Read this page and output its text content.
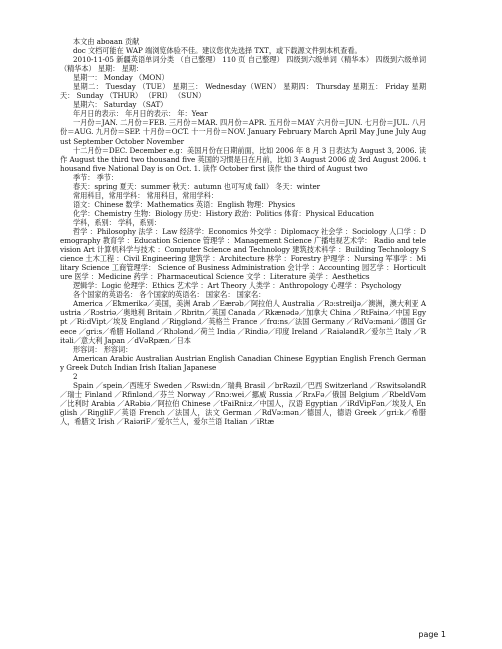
本文由 aboaan 贡献

doc 文档可能在 WAP 端浏览体验不佳。建议您优先选择 TXT，或下载源文件到本机查看。

2010-11-05 新疆英语单词分类 （自己整理） 110 页 自己整理） 四级到六级单词（精华本） 四级到六级单词（精华本） 星期： 星期：

星期一： Monday （MON）

星期二： Tuesday （TUE） 星期三： Wednesday（WEN） 星期四： Thursday 星期五： Friday 星期天： Sunday （THUR） （FRI） （SUN）

星期六： Saturday （SAT）

年月日的表示： 年月日的表示： 年：Year

一月份＝JAN. 二月份＝FEB. 三月份＝MAR. 四月份＝APR. 五月份＝MAY 六月份＝JUN. 七月份＝JUL. 八月份＝AUG. 九月份＝SEP. 十月份＝OCT. 十一月份＝NOV. January February March April May June July August September October November

十二月份＝DEC. December e.g：美国月份在日期前面，比如 2006 年 8 月 3 日表达为 August 3, 2006. 读作 August the third two thousand five 英国的习惯是日在月前，比如 3 August 2006 或 3rd August 2006. thousand five National Day is on Oct. 1. 读作 October first 读作 the third of August two

季节： 季节：

春天：spring 夏天：summer 秋天：autumn 也可写成 fall） 冬天：winter

常用科目，常用学科： 常用科目，常用学科：

语文：Chinese 数学：Mathematics 英语：English 物理：Physics

化学：Chemistry 生物：Biology 历史：History 政治：Politics 体育：Physical Education

学科，系别： 学科，系别：

哲学 ：Philosophy 法学 ：Law 经济学：Economics 外交学 ：Diplomacy 社会学 ：Sociology 人口学 ：Demography 教育学 ：Education Science 管理学 ：Management Science 广播电视艺术学： Radio and television Art 计算机科学与技术 ：Computer Science and Technology 建筑技术科学 ：Building Technology Science 土木工程 ：Civil Engineering 建筑学 ：Architecture 林学 ：Forestry 护理学 ：Nursing 军事学 ：Military Science 工商管理学： Science of Business Administration 会计学 ：Accounting 园艺学 ：Horticulture 医学 ：Medicine 药学 ：Pharmaceutical Science 文学 ：Literature 美学 ：Aesthetics

逻辑学：Logic 伦理学：Ethics 艺术学 ：Art Theory 人类学 ：Anthropology 心理学 ：Psychology

各个国家的英语名： 各个国家的英语名： 国家名： 国家名：

America ／Eҟmerikә／美国，美洲 Arab ／Eærәb／阿拉伯人 Australia ／Rɔ:streiljә／澳洲，澳大利亚 Austria ／Rɔstriә／奥地利 Britain ／Rbritn／英国 Canada ／Rkænәdә／加拿大 China ／RtFainә／中国 Egypt ／Ri:dVipt／埃及 England ／Riŋglәnd／英格兰 France ／frɑ:ns／法国 Germany ／RdVә:mәni／德国 Greece ／gri:s／希腊 Holland ／Rhɔlәnd／荷兰 India ／Rindiә／印度 Ireland ／RaiәlәndR／爱尔兰 Italy ／Ritәli／意大利 Japan ／dVәRpæn／日本

形容词： 形容词：

American Arabic Australian Austrian English Canadian Chinese Egyptian English French Germany Greek Dutch Indian Irish Italian Japanese

2

Spain ／spein／西班牙 Sweden ／Rswi:dn／瑞典 Brasil ／brRәzil／巴西 Switzerland ／RswitsәlәndR／瑞士 Finland ／Rfinlәnd／芬兰 Norway ／Rnɔ:wei／挪威 Russia ／RrʌFә／俄国 Belgium ／RbeldVәm／比利时 Arabia ／ARәbiә／阿拉伯 Chinese ／tFaiRni:z／中国人，汉语 Egyptian ／iRdVipFәn／埃及人 English ／RiŋgliF／英语 French ／法国人，法文 German ／RdVә:mәn／德国人，德语 Greek ／gri:k／希腊人，希腊文 Irish ／RaiәriF／爱尔兰人，爱尔兰语 Italian ／iRtæ

page 1
